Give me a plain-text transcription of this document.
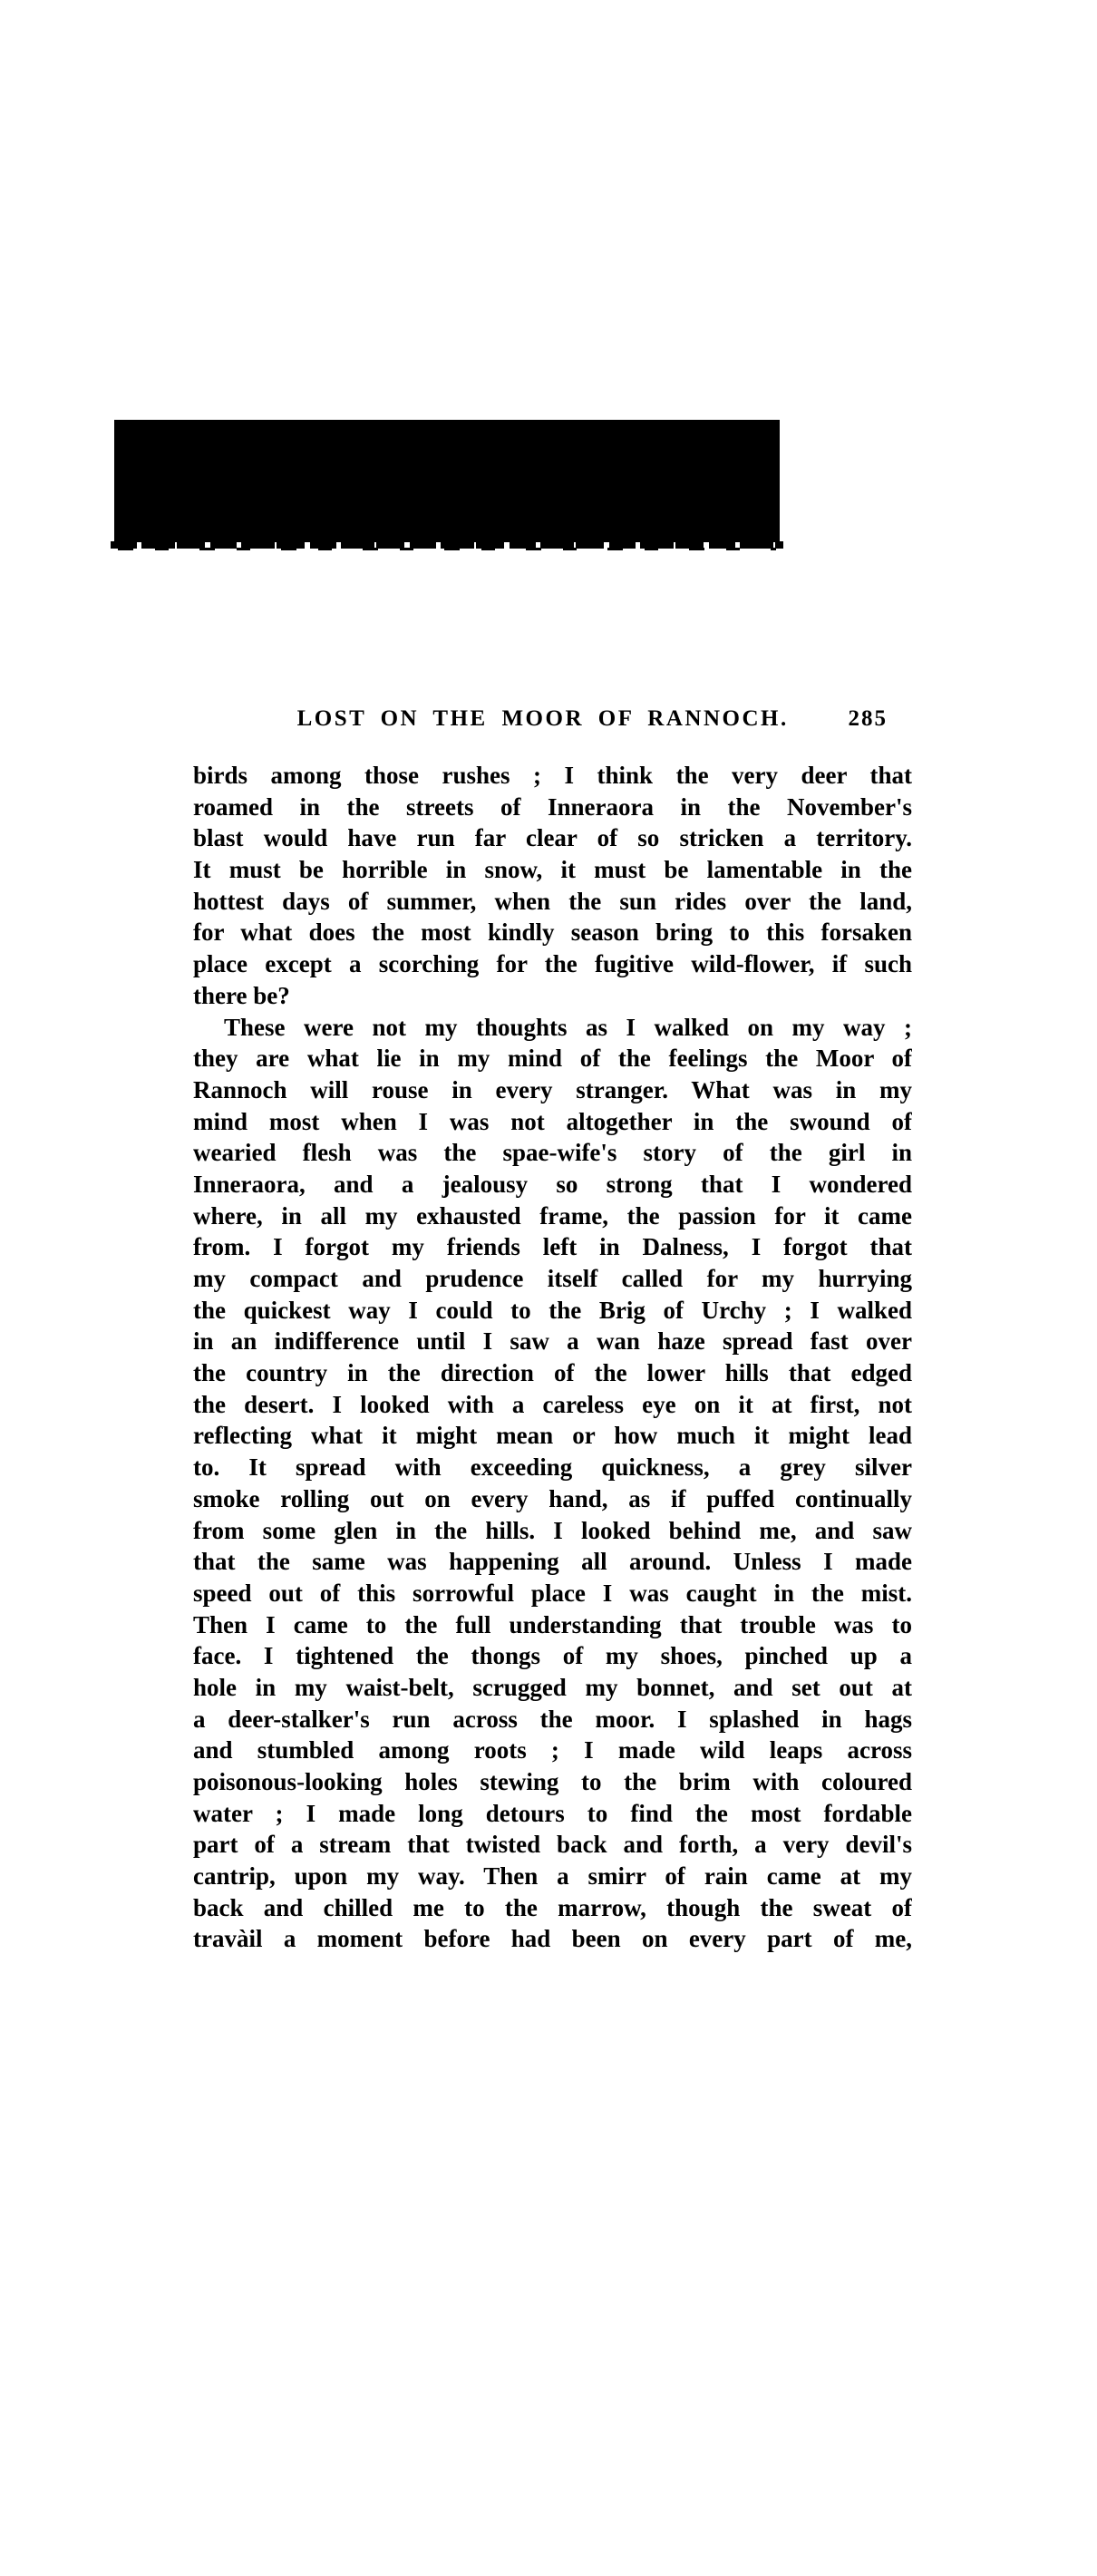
LOST ON THE MOOR OF RANNOCH.	285
birds among those rushes ; I think the very deer that
roamed in the streets of Inneraora in the November's
blast would have run far clear of so stricken a territory.
It must be horrible in snow, it must be lamentable in the
hottest days of summer, when the sun rides over the land,
for what does the most kindly season bring to this forsaken
place except a scorching for the fugitive wild-flower, if such
there be?
These were not my thoughts as I walked on my way ;
they are what lie in my mind of the feelings the Moor of
Rannoch will rouse in every stranger. What was in my
mind most when I was not altogether in the swound of
wearied flesh was the spae-wife's story of the girl in
Inneraora, and a jealousy so strong that I wondered
where, in all my exhausted frame, the passion for it came
from. I forgot my friends left in Dalness, I forgot that
my compact and prudence itself called for my hurrying
the quickest way I could to the Brig of Urchy ; I walked
in an indifference until I saw a wan haze spread fast over
the country in the direction of the lower hills that edged
the desert. I looked with a careless eye on it at first, not
reflecting what it might mean or how much it might lead
to. It spread with exceeding quickness, a grey silver
smoke rolling out on every hand, as if puffed continually
from some glen in the hills. I looked behind me, and saw
that the same was happening all around. Unless I made
speed out of this sorrowful place I was caught in the mist.
Then I came to the full understanding that trouble was to
face. I tightened the thongs of my shoes, pinched up a
hole in my waist-belt, scrugged my bonnet, and set out at
a deer-stalker's run across the moor. I splashed in hags
and stumbled among roots ; I made wild leaps across
poisonous-looking holes stewing to the brim with coloured
water ; I made long detours to find the most fordable
part of a stream that twisted back and forth, a very devil's
cantrip, upon my way. Then a smirr of rain came at my
back and chilled me to the marrow, though the sweat of
travàil a moment before had been on every part of me,
